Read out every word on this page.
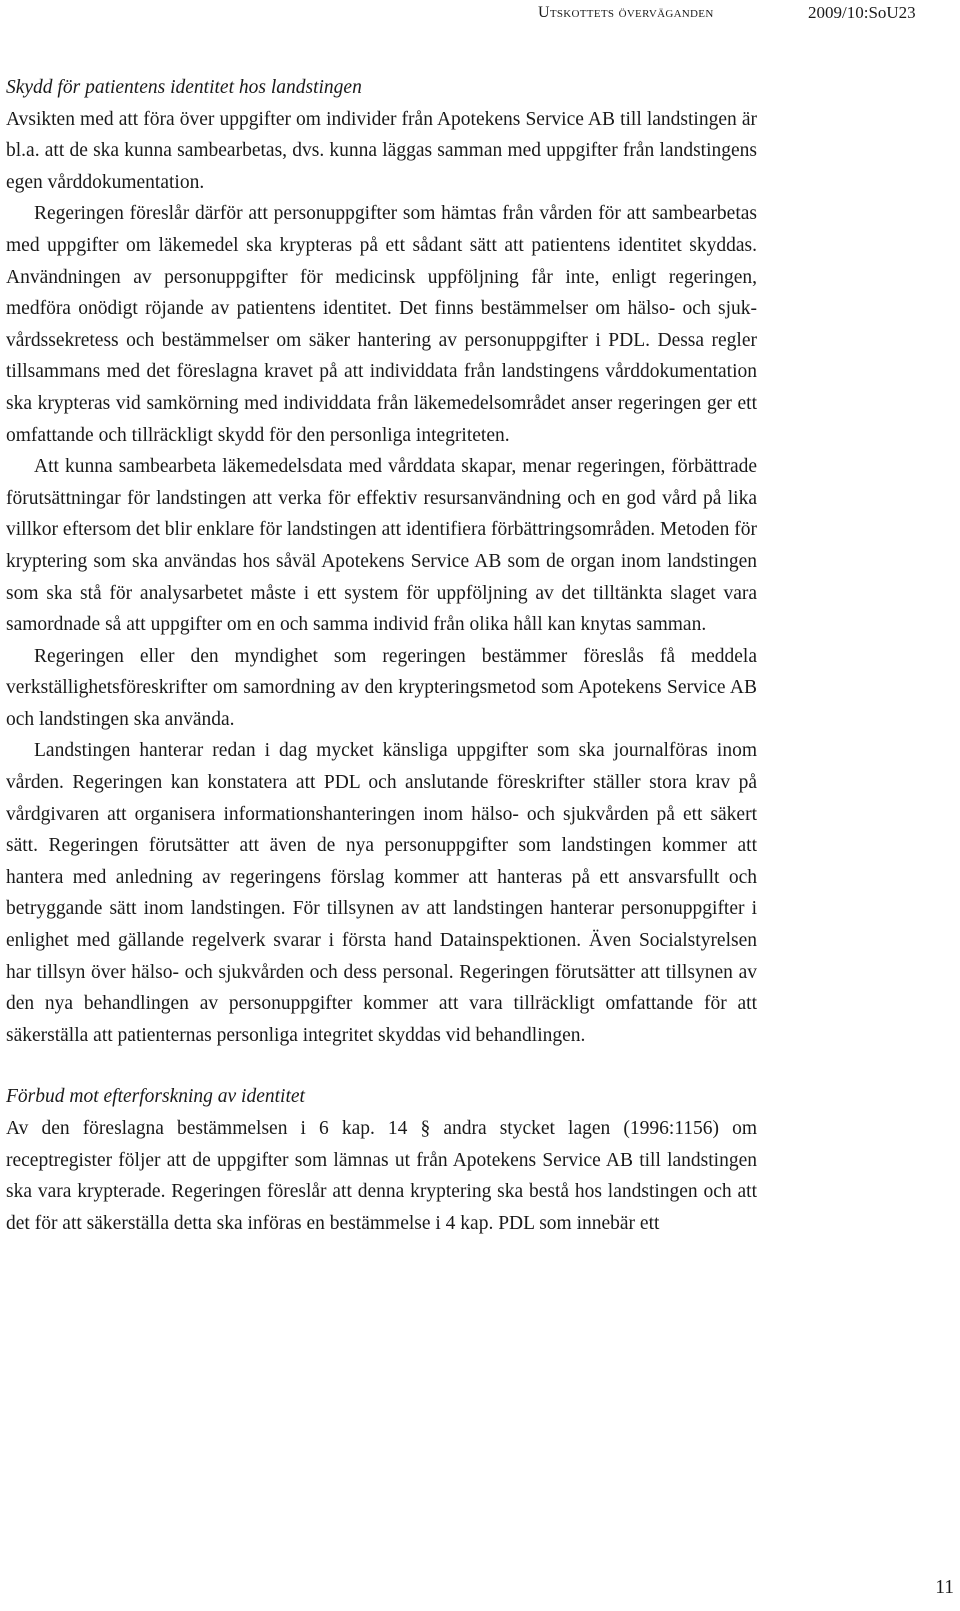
Utskottets överväganden	2009/10:SoU23
Skydd för patientens identitet hos landstingen

Avsikten med att föra över uppgifter om individer från Apotekens Service AB till landstingen är bl.a. att de ska kunna sambearbetas, dvs. kunna läggas samman med uppgifter från landstingens egen vårddokumentation.

Regeringen föreslår därför att personuppgifter som hämtas från vården för att sambearbetas med uppgifter om läkemedel ska krypteras på ett sådant sätt att patientens identitet skyddas. Användningen av personuppgifter för medicinsk uppföljning får inte, enligt regeringen, medföra onödigt röjande av patientens identitet. Det finns bestämmelser om hälso- och sjukvårdssekretess och bestämmelser om säker hantering av personuppgifter i PDL. Dessa regler tillsammans med det föreslagna kravet på att individdata från landstingens vårddokumentation ska krypteras vid samkörning med individdata från läkemedelsområdet anser regeringen ger ett omfattande och tillräckligt skydd för den personliga integriteten.

Att kunna sambearbeta läkemedelsdata med vårddata skapar, menar regeringen, förbättrade förutsättningar för landstingen att verka för effektiv resursanvändning och en god vård på lika villkor eftersom det blir enklare för landstingen att identifiera förbättringsområden. Metoden för kryptering som ska användas hos såväl Apotekens Service AB som de organ inom landstingen som ska stå för analysarbetet måste i ett system för uppföljning av det tilltänkta slaget vara samordnade så att uppgifter om en och samma individ från olika håll kan knytas samman.

Regeringen eller den myndighet som regeringen bestämmer föreslås få meddela verkställighetsföreskrifter om samordning av den krypteringsmetod som Apotekens Service AB och landstingen ska använda.

Landstingen hanterar redan i dag mycket känsliga uppgifter som ska journalföras inom vården. Regeringen kan konstatera att PDL och anslutande föreskrifter ställer stora krav på vårdgivaren att organisera informationshanteringen inom hälso- och sjukvården på ett säkert sätt. Regeringen förutsätter att även de nya personuppgifter som landstingen kommer att hantera med anledning av regeringens förslag kommer att hanteras på ett ansvarsfullt och betryggande sätt inom landstingen. För tillsynen av att landstingen hanterar personuppgifter i enlighet med gällande regelverk svarar i första hand Datainspektionen. Även Socialstyrelsen har tillsyn över hälso- och sjukvården och dess personal. Regeringen förutsätter att tillsynen av den nya behandlingen av personuppgifter kommer att vara tillräckligt omfattande för att säkerställa att patienternas personliga integritet skyddas vid behandlingen.

Förbud mot efterforskning av identitet

Av den föreslagna bestämmelsen i 6 kap. 14 § andra stycket lagen (1996:1156) om receptregister följer att de uppgifter som lämnas ut från Apotekens Service AB till landstingen ska vara krypterade. Regeringen föreslår att denna kryptering ska bestå hos landstingen och att det för att säkerställa detta ska införas en bestämmelse i 4 kap. PDL som innebär ett

11
